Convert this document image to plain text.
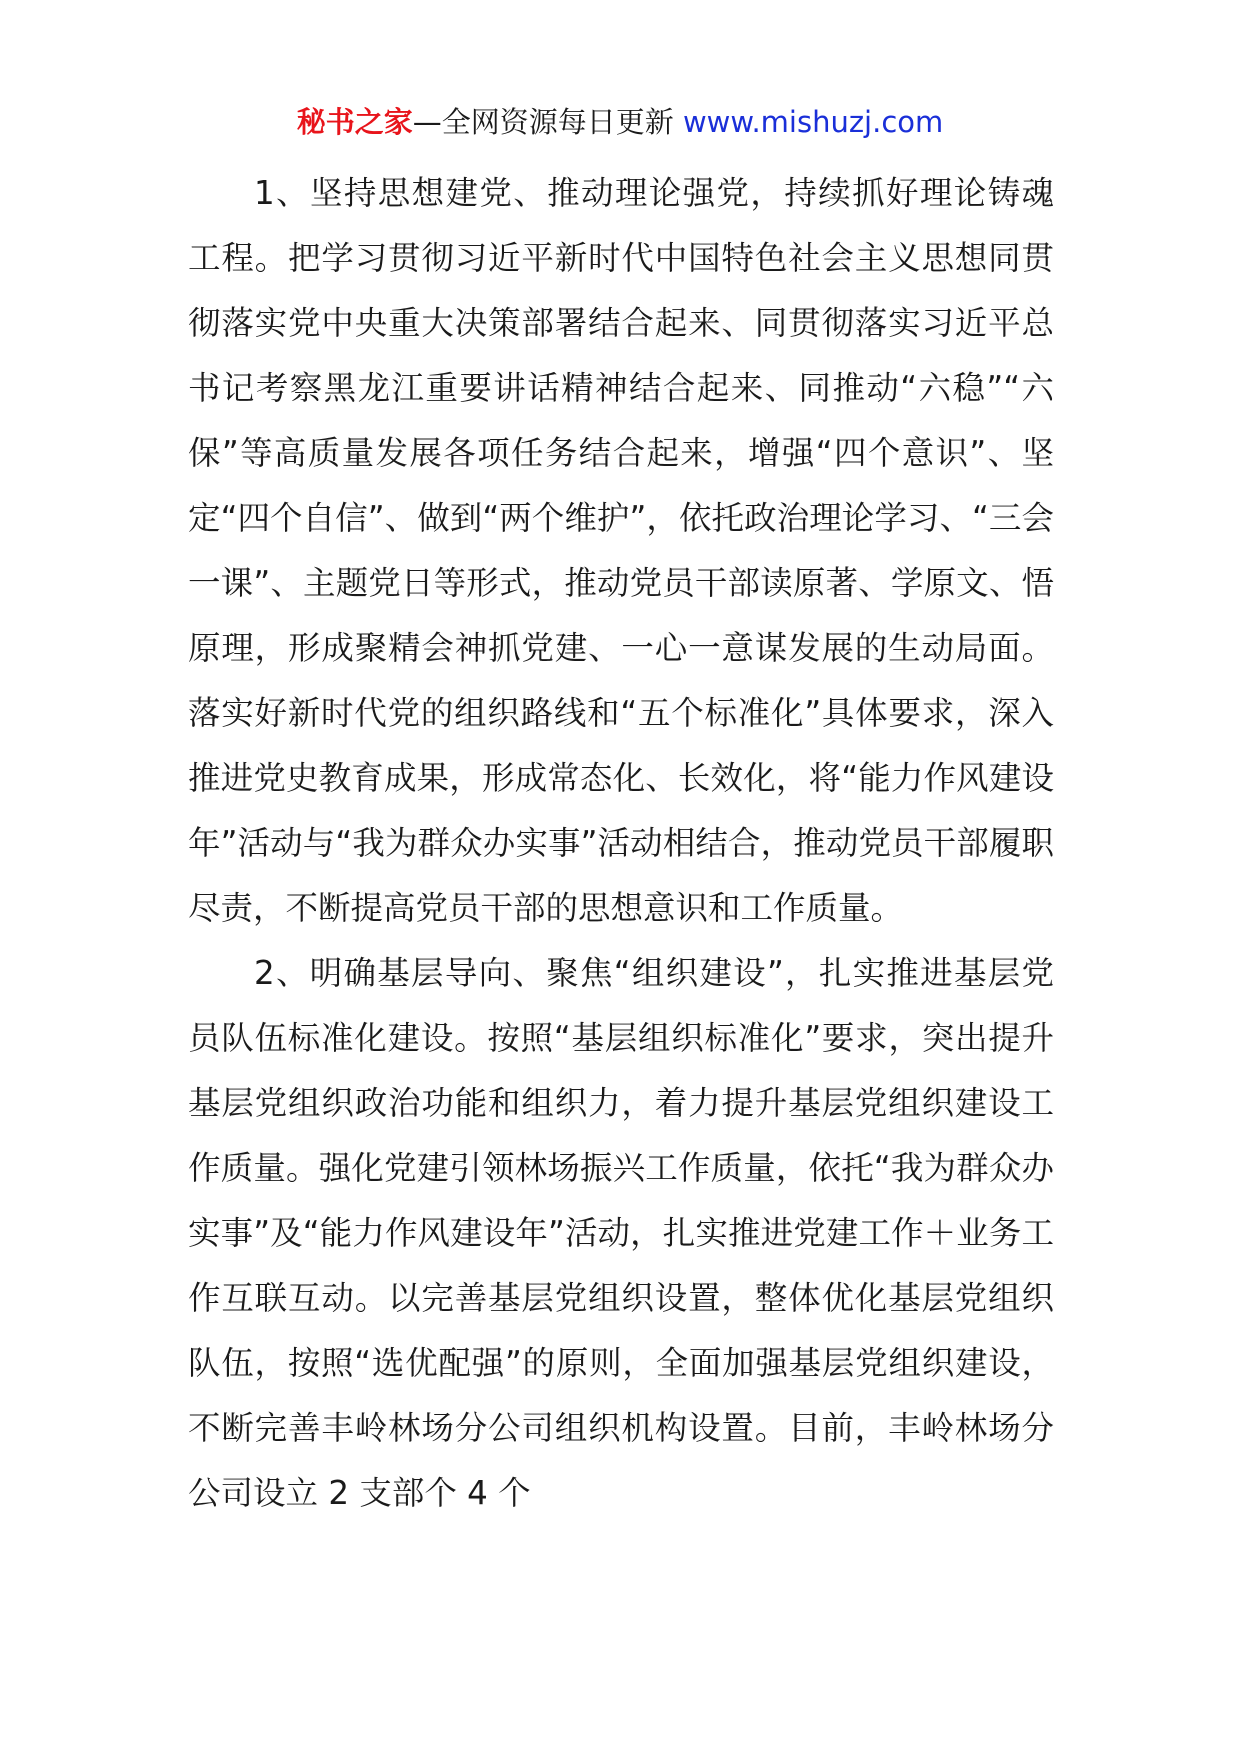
秘书之家—全网资源每日更新 www.mishuzj.com

1、坚持思想建党、推动理论强党，持续抓好理论铸魂工程。把学习贯彻习近平新时代中国特色社会主义思想同贯彻落实党中央重大决策部署结合起来、同贯彻落实习近平总书记考察黑龙江重要讲话精神结合起来、同推动“六稳”“六保”等高质量发展各项任务结合起来，增强“四个意识”、坚定“四个自信”、做到“两个维护”，依托政治理论学习、“三会一课”、主题党日等形式，推动党员干部读原著、学原文、悟原理，形成聚精会神抓党建、一心一意谋发展的生动局面。落实好新时代党的组织路线和“五个标准化”具体要求，深入推进党史教育成果，形成常态化、长效化，将“能力作风建设年”活动与“我为群众办实事”活动相结合，推动党员干部履职尽责，不断提高党员干部的思想意识和工作质量。

2、明确基层导向、聚焦“组织建设”，扎实推进基层党员队伍标准化建设。按照“基层组织标准化”要求，突出提升基层党组织政治功能和组织力，着力提升基层党组织建设工作质量。强化党建引领林场振兴工作质量，依托“我为群众办实事”及“能力作风建设年”活动，扎实推进党建工作＋业务工作互联互动。以完善基层党组织设置，整体优化基层党组织队伍，按照“选优配强”的原则，全面加强基层党组织建设，不断完善丰岭林场分公司组织机构设置。目前，丰岭林场分公司设立 2 支部个 4 个
